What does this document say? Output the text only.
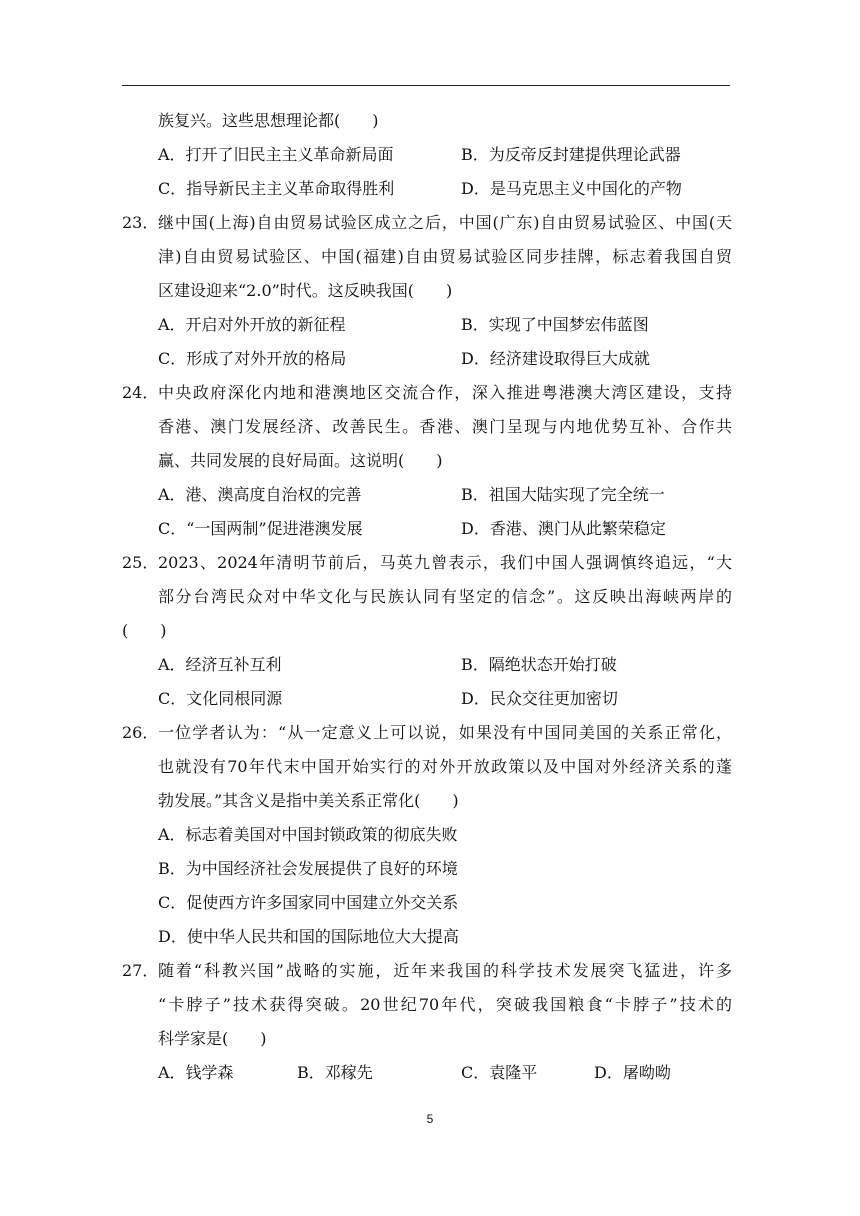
族复兴。这些思想理论都(　　)
A．打开了旧民主主义革命新局面	B．为反帝反封建提供理论武器
C．指导新民主主义革命取得胜利	D．是马克思主义中国化的产物
23． 继中国(上海)自由贸易试验区成立之后，中国(广东)自由贸易试验区、中国(天
津)自由贸易试验区、中国(福建)自由贸易试验区同步挂牌，标志着我国自贸
区建设迎来“2.0”时代。这反映我国(　　)
A．开启对外开放的新征程	B．实现了中国梦宏伟蓝图
C．形成了对外开放的格局	D．经济建设取得巨大成就
24． 中央政府深化内地和港澳地区交流合作，深入推进粤港澳大湾区建设，支持
香港、澳门发展经济、改善民生。香港、澳门呈现与内地优势互补、合作共
赢、共同发展的良好局面。这说明(　　)
A．港、澳高度自治权的完善	B．祖国大陆实现了完全统一
C．“一国两制”促进港澳发展	D．香港、澳门从此繁荣稳定
25． 2023、2024年清明节前后，马英九曾表示，我们中国人强调慎终追远，“大
部分台湾民众对中华文化与民族认同有坚定的信念”。这反映出海峡两岸的
(　　)
A．经济互补互利	B．隔绝状态开始打破
C．文化同根同源	D．民众交往更加密切
26． 一位学者认为：“从一定意义上可以说，如果没有中国同美国的关系正常化，
也就没有70年代末中国开始实行的对外开放政策以及中国对外经济关系的蓬
勃发展。”其含义是指中美关系正常化(　　)
A．标志着美国对中国封锁政策的彻底失败
B．为中国经济社会发展提供了良好的环境
C．促使西方许多国家同中国建立外交关系
D．使中华人民共和国的国际地位大大提高
27． 随着“科教兴国”战略的实施，近年来我国的科学技术发展突飞猛进，许多
“卡脖子”技术获得突破。20世纪70年代，突破我国粮食“卡脖子”技术的
科学家是(　　)
A．钱学森	B．邓稼先	C．袁隆平	D．屠呦呦
5
